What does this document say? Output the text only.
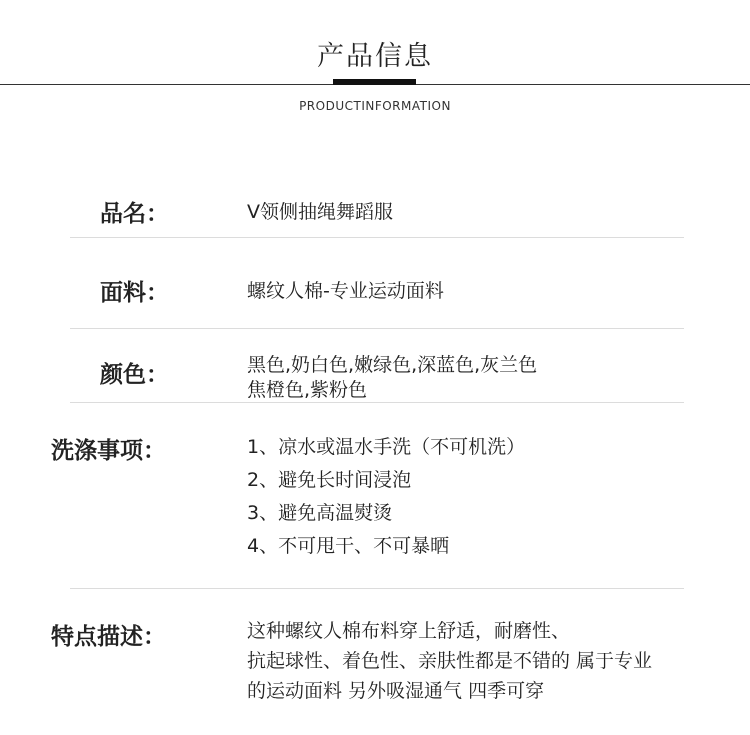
产品信息
PRODUCTINFORMATION
品名：	V领侧抽绳舞蹈服
面料：	螺纹人棉-专业运动面料
颜色：	黑色,奶白色,嫩绿色,深蓝色,灰兰色
焦橙色,紫粉色
洗涤事项：	1、凉水或温水手洗（不可机洗）
2、避免长时间浸泡
3、避免高温熨烫
4、不可甩干、不可暴晒
特点描述：	这种螺纹人棉布料穿上舒适，耐磨性、
抗起球性、着色性、亲肤性都是不错的 属于专业
的运动面料 另外吸湿通气 四季可穿
